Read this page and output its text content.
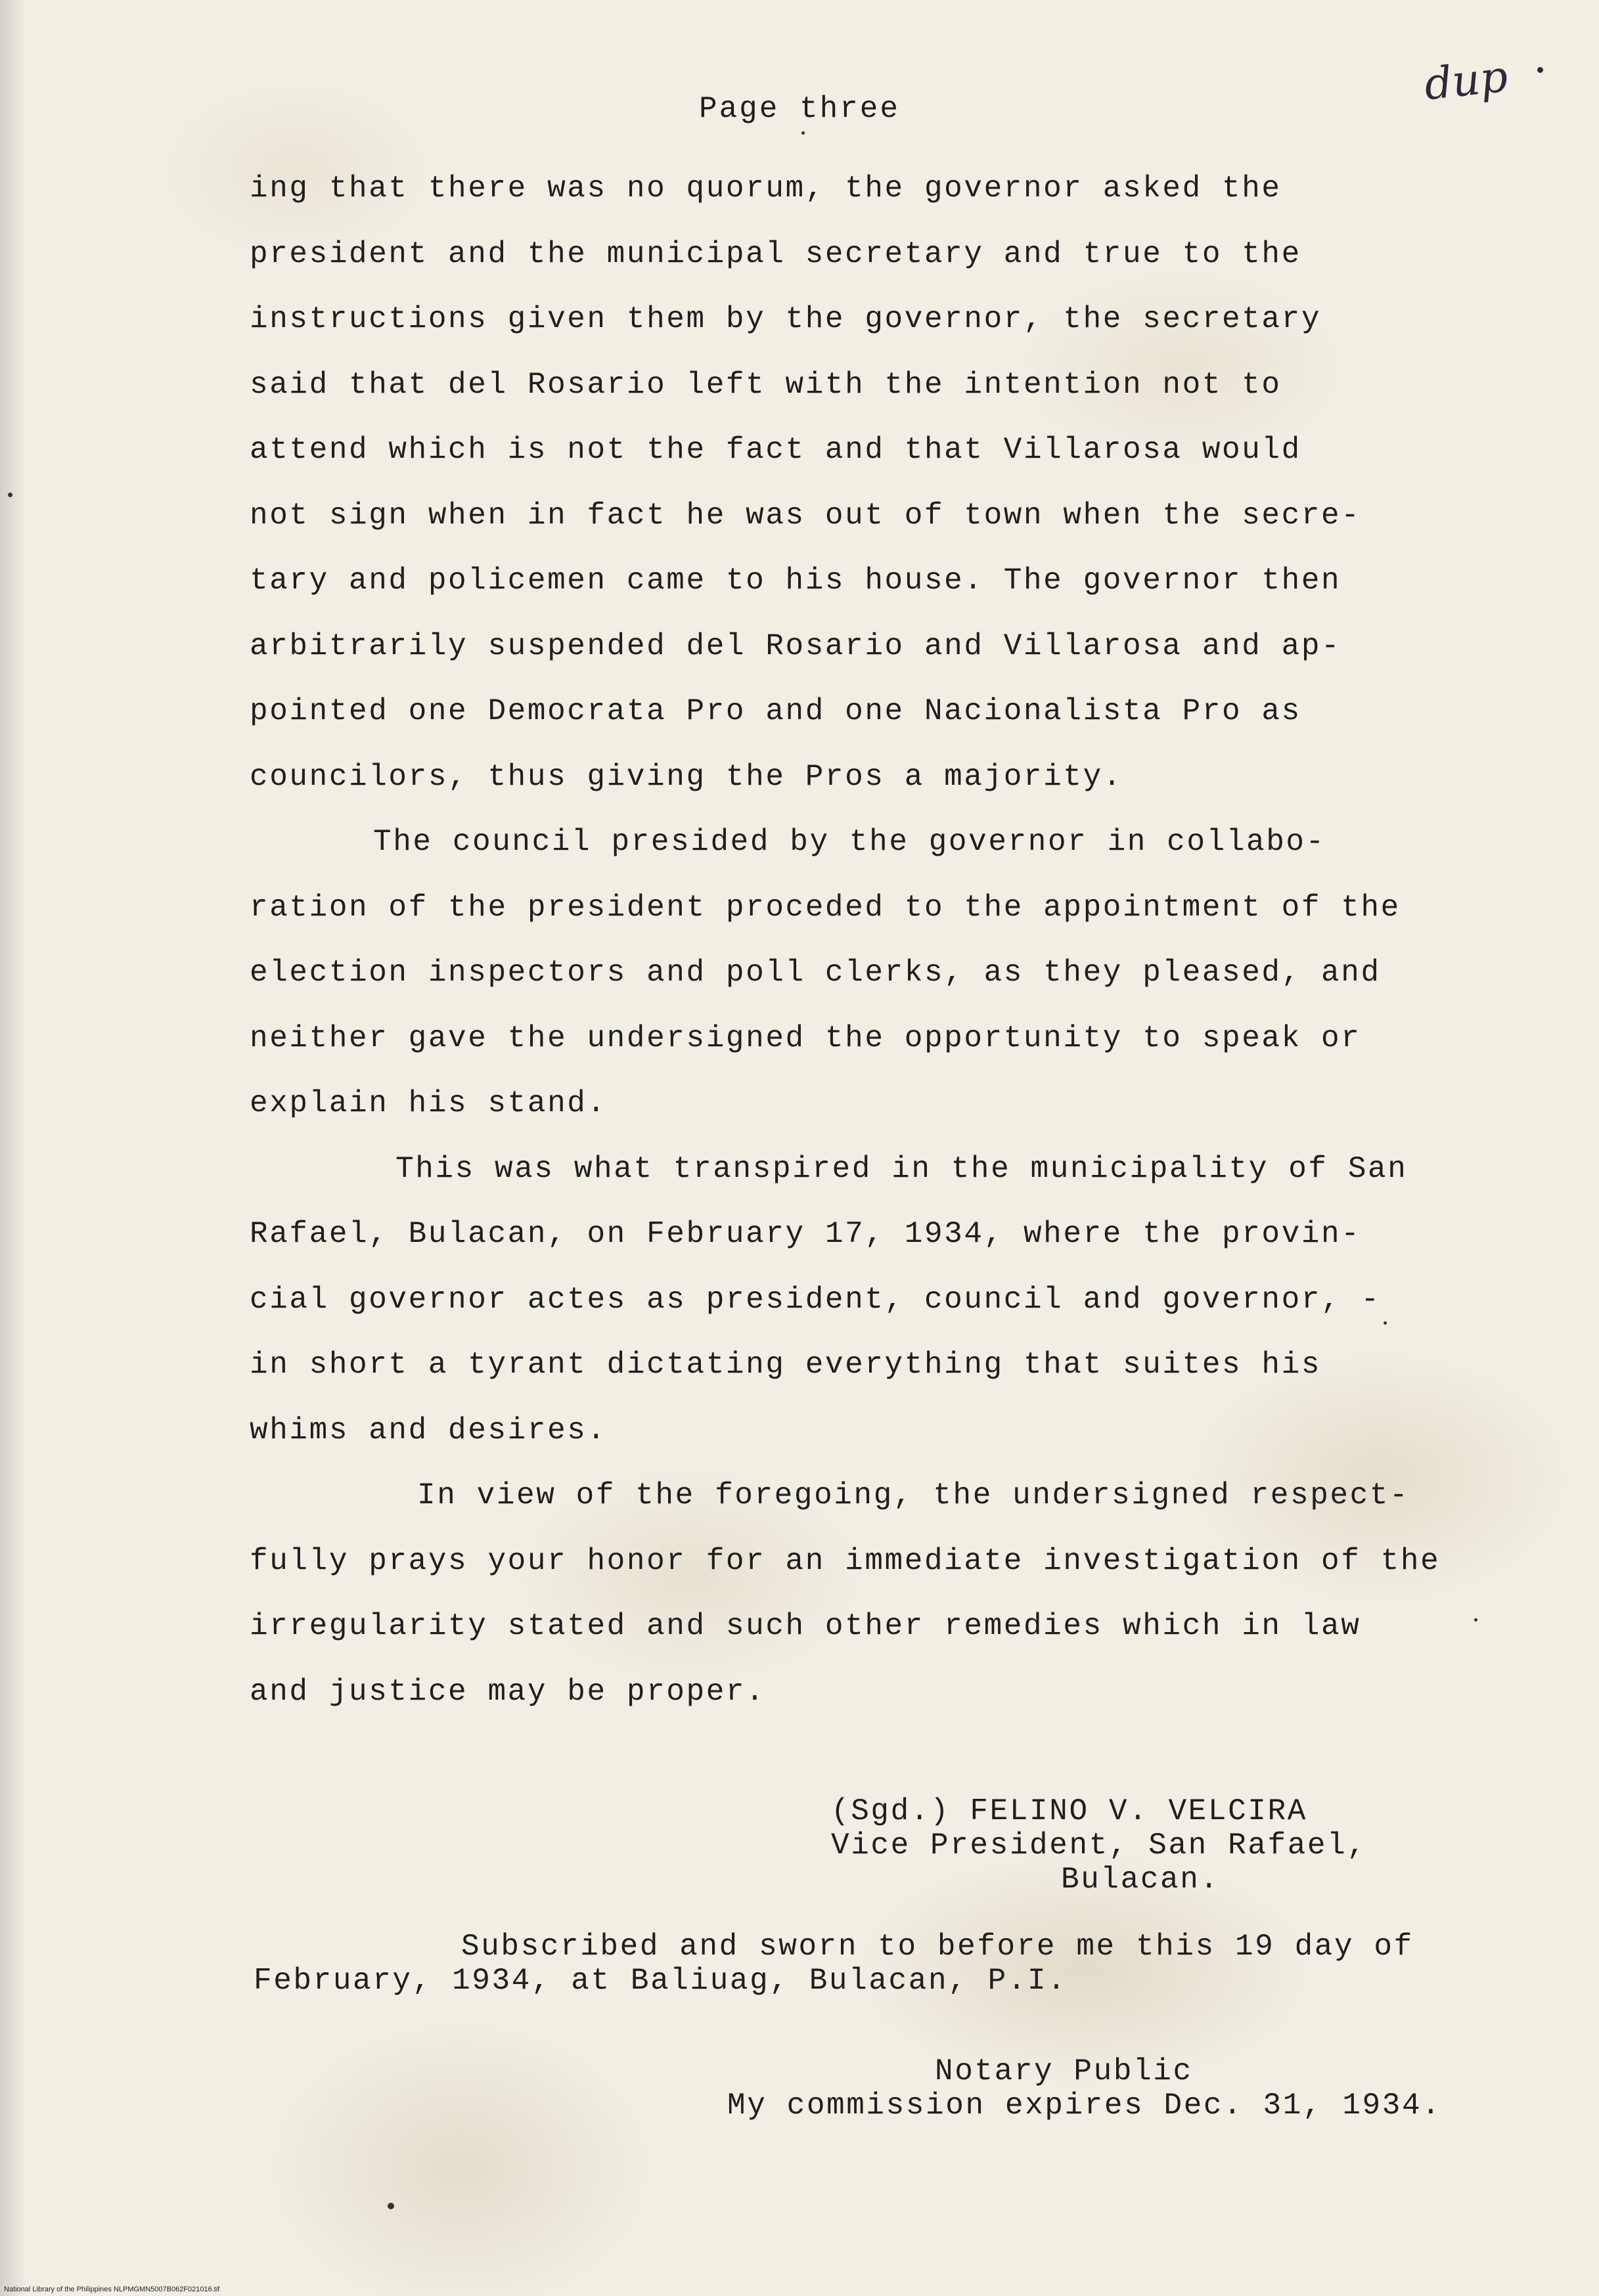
dup
Page three
ing that there was no quorum, the governor asked the
president and the municipal secretary and true to the
instructions given them by the governor, the secretary
said that del Rosario left with the intention not to
attend which is not the fact and that Villarosa would
not sign when in fact he was out of town when the secre-
tary and policemen came to his house. The governor then
arbitrarily suspended del Rosario and Villarosa and ap-
pointed one Democrata Pro and one Nacionalista Pro as
councilors, thus giving the Pros a majority.
The council presided by the governor in collabo-
ration of the president proceded to the appointment of the
election inspectors and poll clerks, as they pleased, and
neither gave the undersigned the opportunity to speak or
explain his stand.
This was what transpired in the municipality of San
Rafael, Bulacan, on February 17, 1934, where the provin-
cial governor actes as president, council and governor, -
in short a tyrant dictating everything that suites his
whims and desires.
In view of the foregoing, the undersigned respect-
fully prays your honor for an immediate investigation of the
irregularity stated and such other remedies which in law
and justice may be proper.
(Sgd.) FELINO V. VELCIRA
Vice President, San Rafael,
Bulacan.
Subscribed and sworn to before me this 19 day of
February, 1934, at Baliuag, Bulacan, P.I.
Notary Public
My commission expires Dec. 31, 1934.
National Library of the Philippines NLPMGMN5007B062F021016.tif
